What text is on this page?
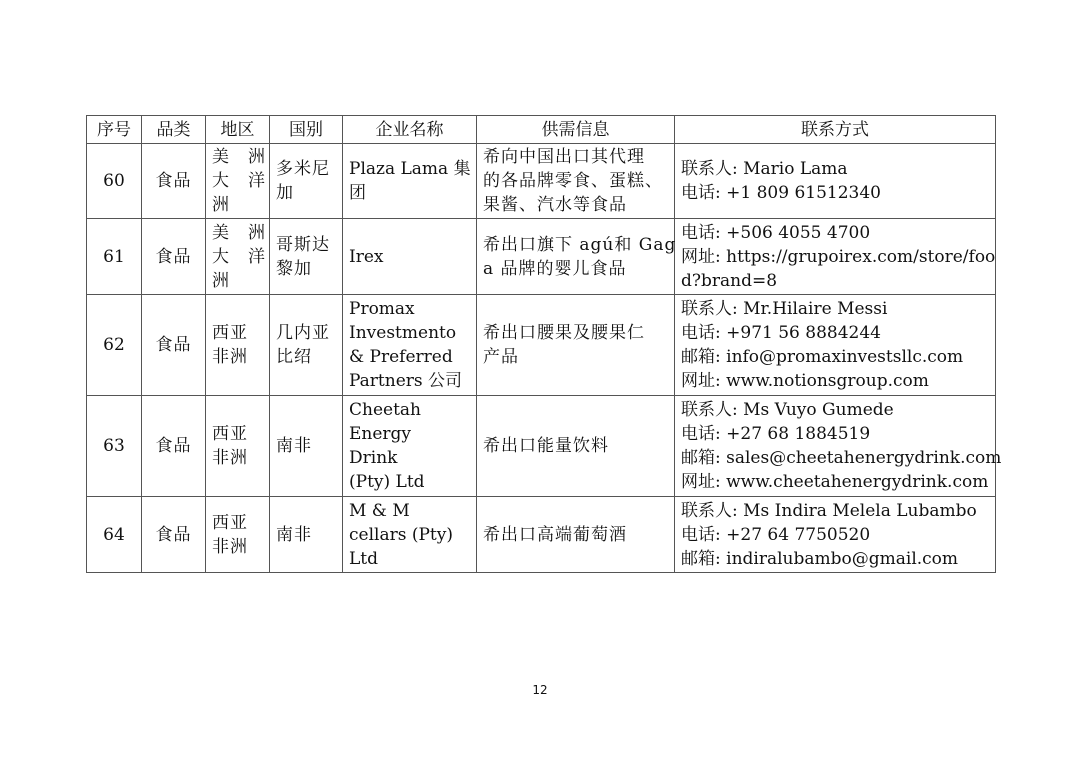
序号	品类	地区	国别	企业名称	供需信息	联系方式
60	食品	美　洲
大　洋
洲	多米尼
加	Plaza Lama 集
团	希向中国出口其代理
的各品牌零食、蛋糕、
果酱、汽水等食品	联系人: Mario Lama
电话: +1 809 61512340

61	食品	美　洲
大　洋
洲	哥斯达
黎加	Irex	希出口旗下 agú和 Gag
a 品牌的婴儿食品	电话: +506 4055 4700
网址: https://grupoirex.com/store/foo
d?brand=8

62	食品	西亚
非洲	几内亚
比绍	Promax
Investmento
& Preferred
Partners 公司	希出口腰果及腰果仁
产品	联系人: Mr.Hilaire Messi
电话: +971 56 8884244
邮箱: info@promaxinvestsllc.com
网址: www.notionsgroup.com

63	食品	西亚
非洲	南非	Cheetah
Energy
Drink
(Pty) Ltd	希出口能量饮料	联系人: Ms Vuyo Gumede
电话: +27 68 1884519
邮箱: sales@cheetahenergydrink.com
网址: www.cheetahenergydrink.com

64	食品	西亚
非洲	南非	M & M
cellars (Pty)
Ltd	希出口高端葡萄酒	联系人: Ms Indira Melela Lubambo
电话: +27 64 7750520
邮箱: indiralubambo@gmail.com
12
